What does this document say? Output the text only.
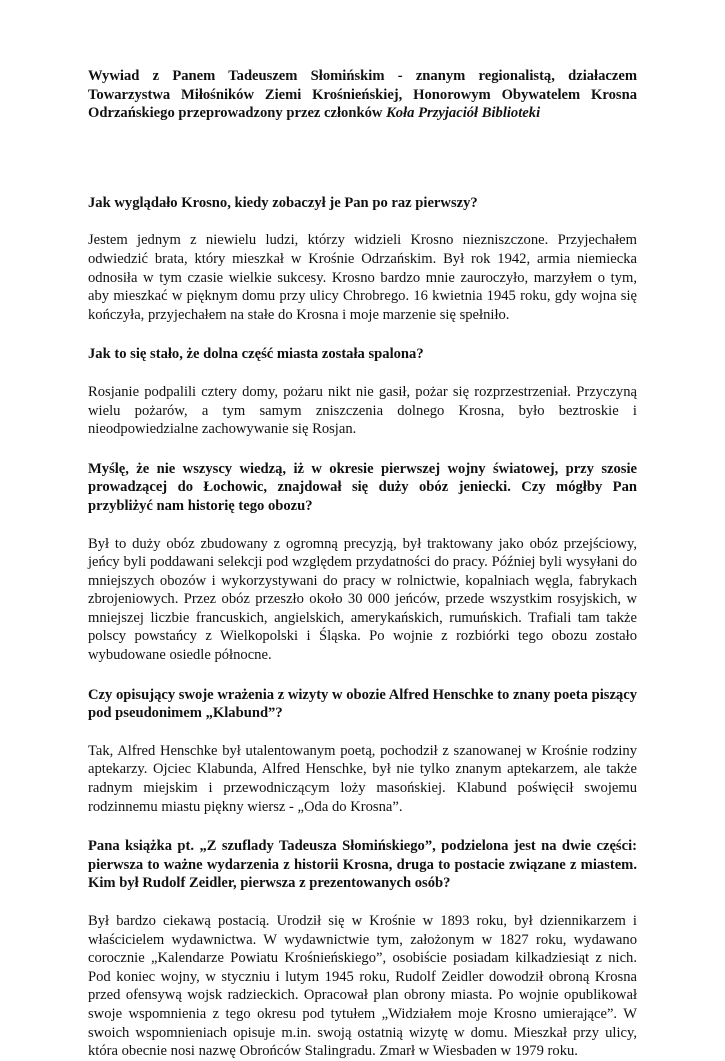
Wywiad z Panem Tadeuszem Słomińskim - znanym regionalistą, działaczem Towarzystwa Miłośników Ziemi Krośnieńskiej, Honorowym Obywatelem Krosna Odrzańskiego przeprowadzony przez członków Koła Przyjaciół Biblioteki

Jak wyglądało Krosno, kiedy zobaczył je Pan po raz pierwszy?

Jestem jednym z niewielu ludzi, którzy widzieli Krosno niezniszczone. Przyjechałem odwiedzić brata, który mieszkał w Krośnie Odrzańskim. Był rok 1942, armia niemiecka odnosiła w tym czasie wielkie sukcesy. Krosno bardzo mnie zauroczyło, marzyłem o tym, aby mieszkać w pięknym domu przy ulicy Chrobrego. 16 kwietnia 1945 roku, gdy wojna się kończyła, przyjechałem na stałe do Krosna i moje marzenie się spełniło.

Jak to się stało, że dolna część miasta została spalona?

Rosjanie podpalili cztery domy, pożaru nikt nie gasił, pożar się rozprzestrzeniał. Przyczyną wielu pożarów, a tym samym zniszczenia dolnego Krosna, było beztroskie i nieodpowiedzialne zachowywanie się Rosjan.

Myślę, że nie wszyscy wiedzą, iż w okresie pierwszej wojny światowej, przy szosie prowadzącej do Łochowic, znajdował się duży obóz jeniecki. Czy mógłby Pan przybliżyć nam historię tego obozu?

Był to duży obóz zbudowany z ogromną precyzją, był traktowany jako obóz przejściowy, jeńcy byli poddawani selekcji pod względem przydatności do pracy. Później byli wysyłani do mniejszych obozów i wykorzystywani do pracy w rolnictwie, kopalniach węgla, fabrykach zbrojeniowych. Przez obóz przeszło około 30 000 jeńców, przede wszystkim rosyjskich, w mniejszej liczbie francuskich, angielskich, amerykańskich, rumuńskich. Trafiali tam także polscy powstańcy z Wielkopolski i Śląska. Po wojnie z rozbiórki tego obozu zostało wybudowane osiedle północne.

Czy opisujący swoje wrażenia z wizyty w obozie Alfred Henschke to znany poeta piszący pod pseudonimem „Klabund”?

Tak, Alfred Henschke był utalentowanym poetą, pochodził z szanowanej w Krośnie rodziny aptekarzy. Ojciec Klabunda, Alfred Henschke, był nie tylko znanym aptekarzem, ale także radnym miejskim i przewodniczącym loży masońskiej. Klabund poświęcił swojemu rodzinnemu miastu piękny wiersz - „Oda do Krosna”.

Pana książka pt. „Z szuflady Tadeusza Słomińskiego”, podzielona jest na dwie części: pierwsza to ważne wydarzenia z historii Krosna, druga to postacie związane z miastem. Kim był Rudolf Zeidler, pierwsza z prezentowanych osób?

Był bardzo ciekawą postacią. Urodził się w Krośnie w 1893 roku, był dziennikarzem i właścicielem wydawnictwa. W wydawnictwie tym, założonym w 1827 roku, wydawano corocznie „Kalendarze Powiatu Krośnieńskiego”, osobiście posiadam kilkadziesiąt z nich. Pod koniec wojny, w styczniu i lutym 1945 roku, Rudolf Zeidler dowodził obroną Krosna przed ofensywą wojsk radzieckich. Opracował plan obrony miasta. Po wojnie opublikował swoje wspomnienia z tego okresu pod tytułem „Widziałem moje Krosno umierające”. W swoich wspomnieniach opisuje m.in. swoją ostatnią wizytę w domu. Mieszkał przy ulicy, która obecnie nosi nazwę Obrońców Stalingradu. Zmarł w Wiesbaden w 1979 roku.
